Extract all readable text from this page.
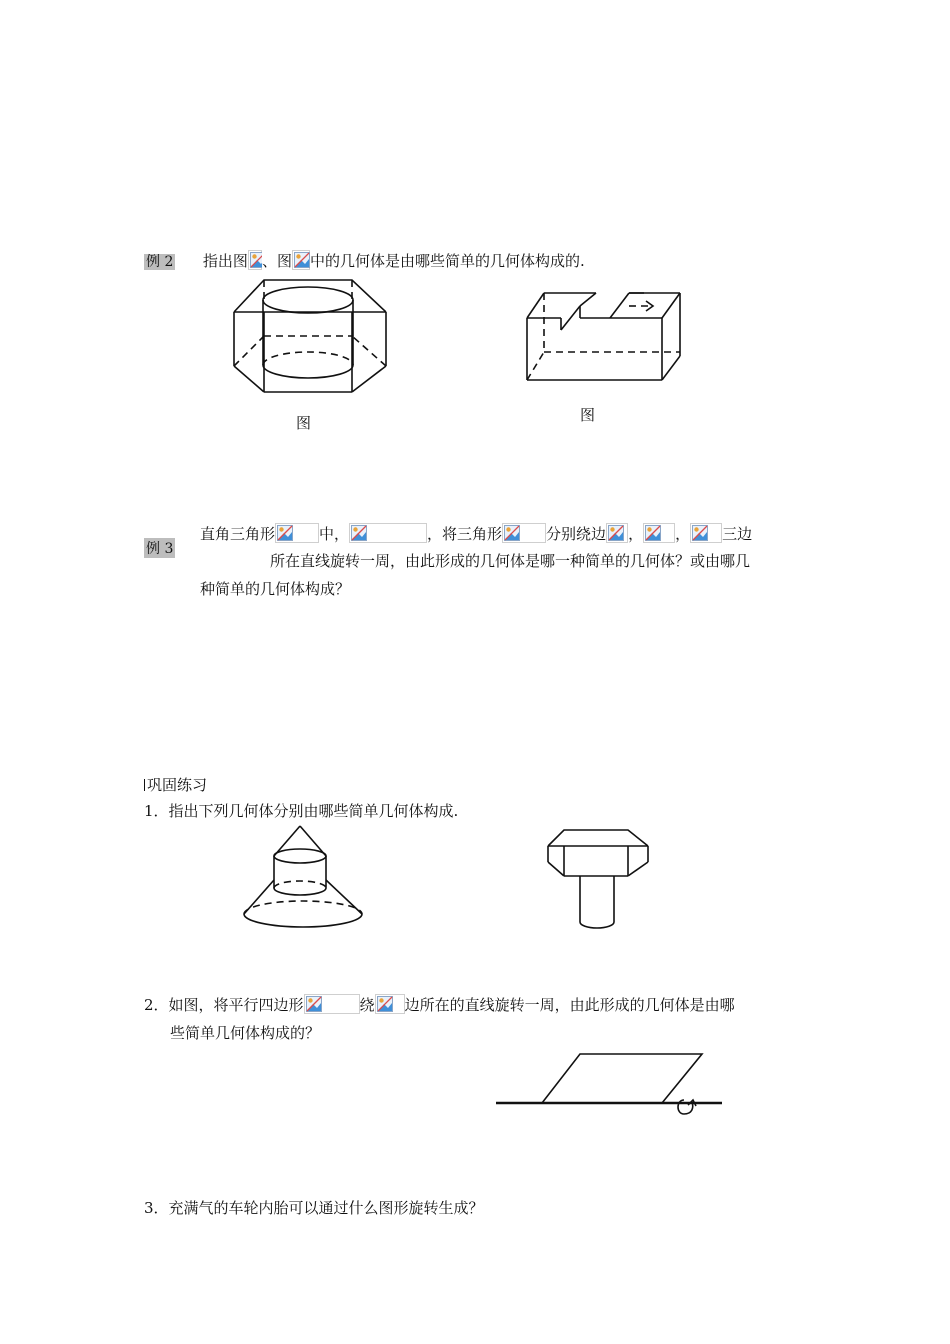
例 2 指出图 、图 中的几何体是由哪些简单的几何体构成的.
图	图
例 3
直角三角形	中，	，将三角形	分别绕边 ， ， 三边
所在直线旋转一周，由此形成的几何体是哪一种简单的几何体？或由哪几
种简单的几何体构成？
巩固练习
1．指出下列几何体分别由哪些简单几何体构成.
2．如图，将平行四边形	绕 边所在的直线旋转一周，由此形成的几何体是由哪
些简单几何体构成的？
3．充满气的车轮内胎可以通过什么图形旋转生成？
